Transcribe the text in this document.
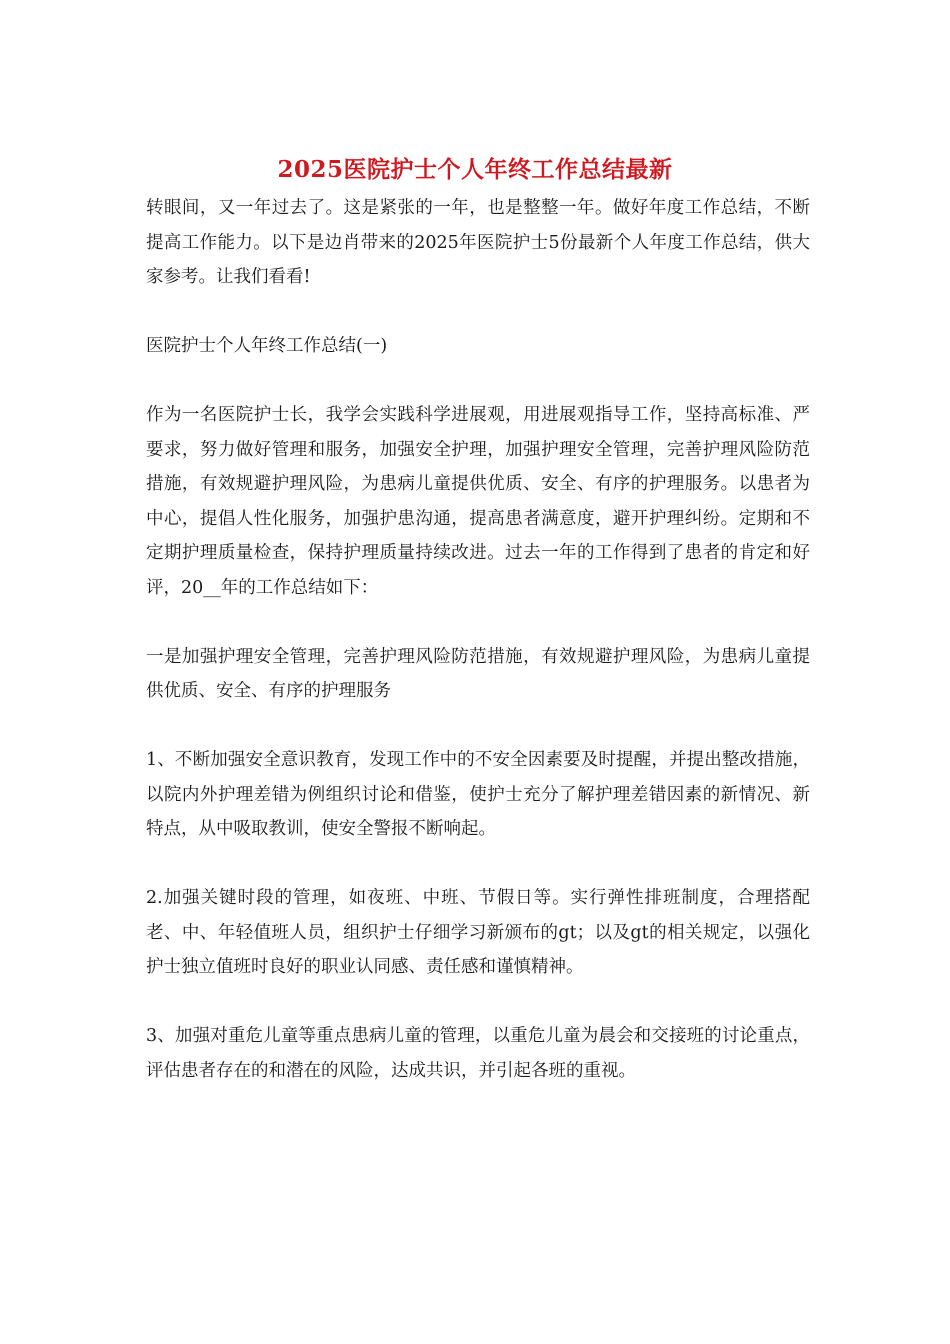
2025医院护士个人年终工作总结最新

转眼间，又一年过去了。这是紧张的一年，也是整整一年。做好年度工作总结，不断提高工作能力。以下是边肖带来的2025年医院护士5份最新个人年度工作总结，供大家参考。让我们看看!

医院护士个人年终工作总结(一)

作为一名医院护士长，我学会实践科学进展观，用进展观指导工作，坚持高标准、严要求，努力做好管理和服务，加强安全护理，加强护理安全管理，完善护理风险防范措施，有效规避护理风险，为患病儿童提供优质、安全、有序的护理服务。以患者为中心，提倡人性化服务，加强护患沟通，提高患者满意度，避开护理纠纷。定期和不定期护理质量检查，保持护理质量持续改进。过去一年的工作得到了患者的肯定和好评，20__年的工作总结如下：

一是加强护理安全管理，完善护理风险防范措施，有效规避护理风险，为患病儿童提供优质、安全、有序的护理服务

1、不断加强安全意识教育，发现工作中的不安全因素要及时提醒，并提出整改措施，以院内外护理差错为例组织讨论和借鉴，使护士充分了解护理差错因素的新情况、新特点，从中吸取教训，使安全警报不断响起。

2.加强关键时段的管理，如夜班、中班、节假日等。实行弹性排班制度，合理搭配老、中、年轻值班人员，组织护士仔细学习新颁布的gt；以及gt的相关规定，以强化护士独立值班时良好的职业认同感、责任感和谨慎精神。

3、加强对重危儿童等重点患病儿童的管理，以重危儿童为晨会和交接班的讨论重点，评估患者存在的和潜在的风险，达成共识，并引起各班的重视。
